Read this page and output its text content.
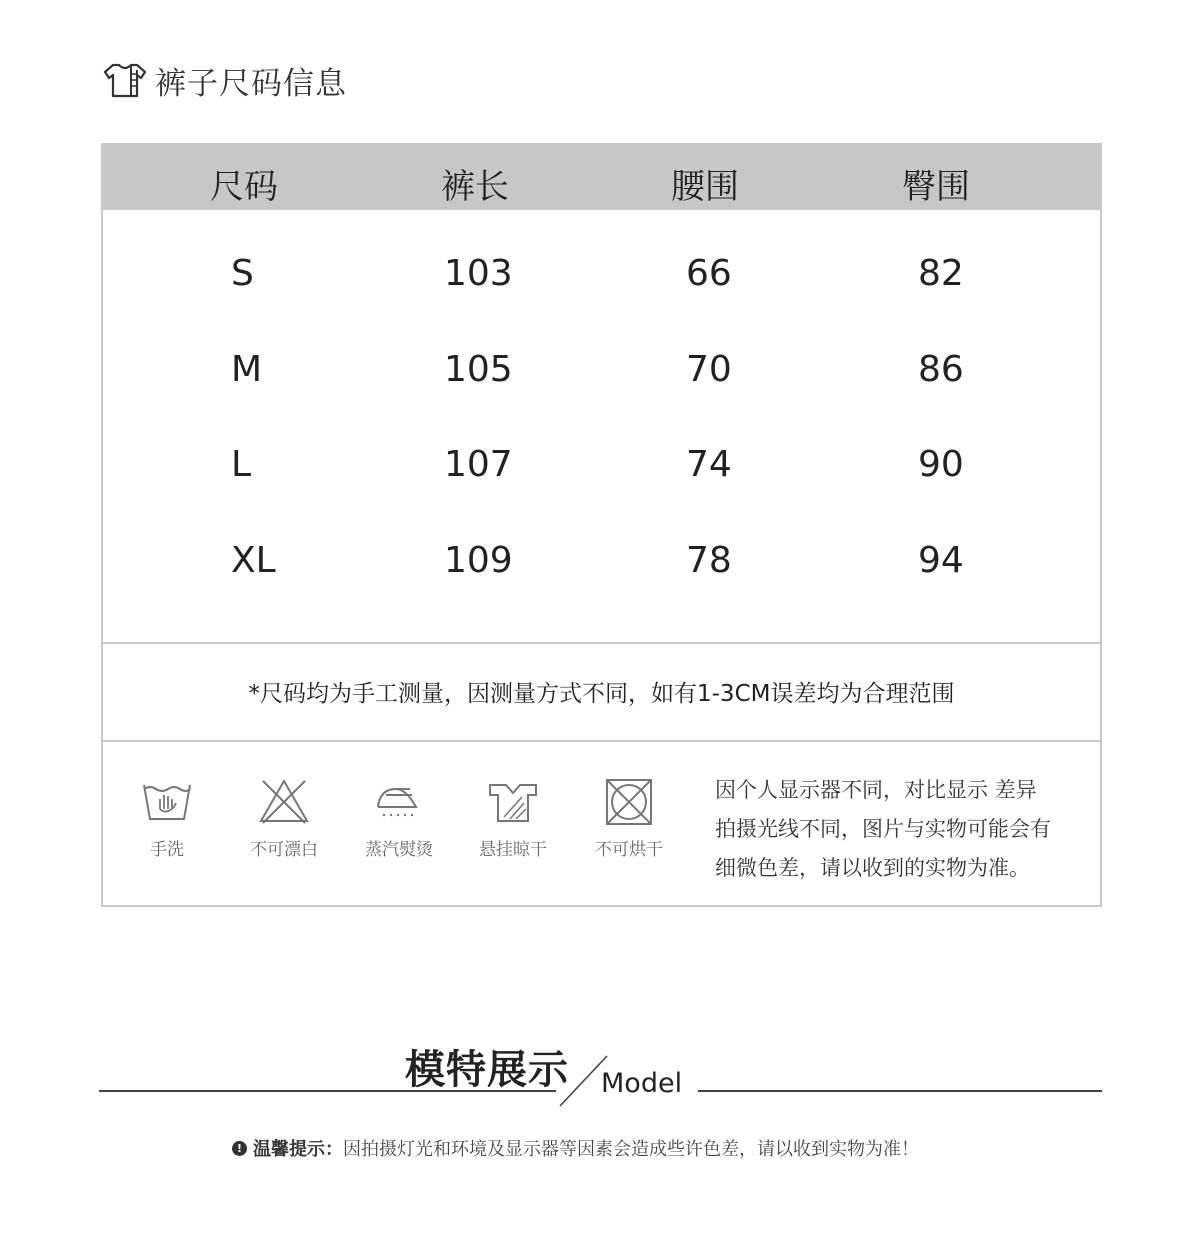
裤子尺码信息
尺码	裤长	腰围	臀围
S	103	66	82
M	105	70	86
L	107	74	90
XL	109	78	94
*尺码均为手工测量，因测量方式不同，如有1-3CM误差均为合理范围
手洗	不可漂白	蒸汽熨烫	悬挂晾干	不可烘干
因个人显示器不同，对比显示 差异
拍摄光线不同，图片与实物可能会有
细微色差，请以收到的实物为准。
模特展示 Model
! 温馨提示： 因拍摄灯光和环境及显示器等因素会造成些许色差，请以收到实物为准！
